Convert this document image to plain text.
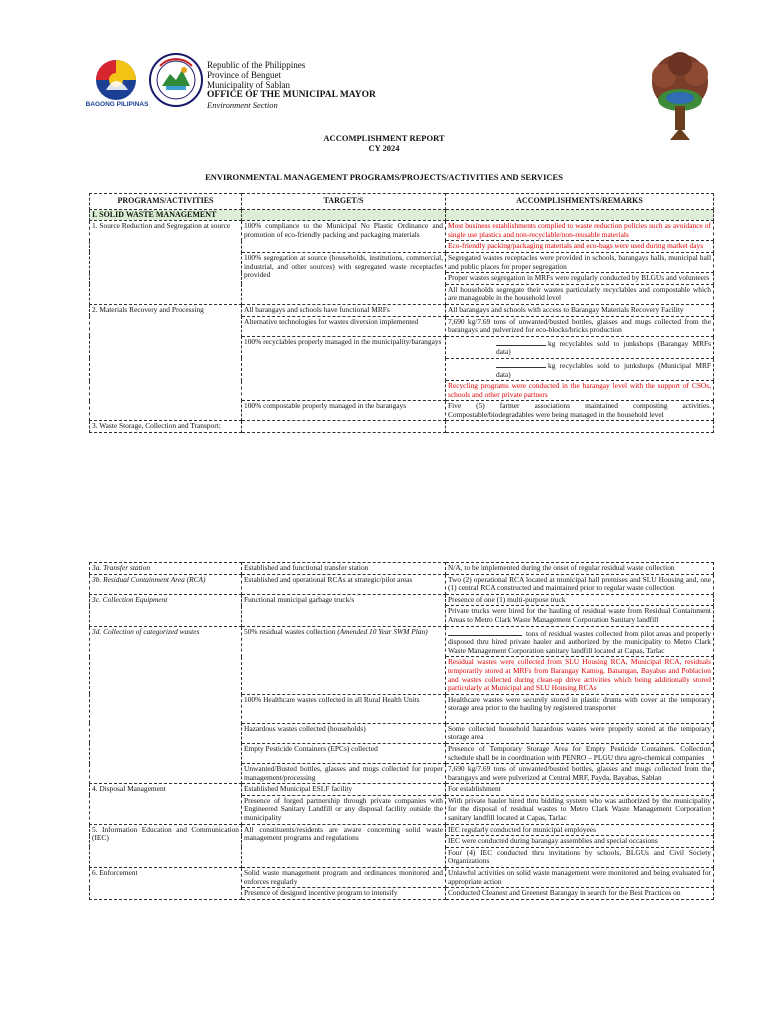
BAGONG PILIPINAS
Republic of the Philippines
Province of Benguet
Municipality of Sablan
OFFICE OF THE MUNICIPAL MAYOR
Environment Section
ACCOMPLISHMENT REPORT
CY 2024
ENVIRONMENTAL MANAGEMENT PROGRAMS/PROJECTS/ACTIVITIES AND SERVICES
PROGRAMS/ACTIVITIES	TARGET/S	ACCOMPLISHMENTS/REMARKS
I. SOLID WASTE MANAGEMENT		
1. Source Reduction and Segregation at source	100% compliance to the Municipal No Plastic Ordinance and promotion of eco-friendly packing and packaging materials	Most business establishments complied to waste reduction policies such as avoidance of single use plastics and non-recyclable/non-reusable materials
		Eco-friendly packing/packaging materials and eco-bags were used during market days
	100% segregation at source (households, institutions, commercial, industrial, and other sources) with segregated waste receptacles provided	Segregated wastes receptacles were provided in schools, barangays halls, municipal hall and public places for proper segregation
		Proper wastes segregation in MRFs were regularly conducted by BLGUs and volunteers
		All households segregate their wastes particularly recyclables and compostable which are manageable in the household level
2. Materials Recovery and Processing	All barangays and schools have functional MRFs	All barangays and schools with access to Barangay Materials Recovery Facility
	Alternative technologies for wastes diversion implemented	7,690 kg/7.69 tons of unwanted/busted bottles, glasses and mugs collected from the barangays and pulverized for eco-blocks/bricks production
	100% recyclables properly managed in the municipality/barangays	kg recyclables sold to junkshops (Barangay MRFs data)
		kg recyclables sold to junkshops (Municipal MRF data)
		Recycling programs were conducted in the barangay level with the support of CSOs, schools and other private partners
	100% compostable properly managed in the barangays	Five (5) farmer associations maintained composting activities. Compostable/biodegradables were being managed in the household level
3. Waste Storage, Collection and Transport:		
3a. Transfer station	Established and functional transfer station	N/A, to be implemented during the onset of regular residual waste collection
3b. Residual Containment Area (RCA)	Established and operational RCAs at strategic/pilot areas	Two (2) operational RCA located at municipal hall premises and SLU Housing and, one (1) central RCA constructed and maintained prior to regular waste collection
3c. Collection Equipment	Functional municipal garbage truck/s	Presence of one (1) multi-purpose truck
		Private trucks were hired for the hauling of residual waste from Residual Containment Areas to Metro Clark Waste Management Corporation Sanitary landfill
3d. Collection of categorized wastes	50% residual wastes collection (Amended 10 Year SWM Plan)	tons of residual wastes collected from pilot areas and properly disposed thru hired private hauler and authorized by the municipality to Metro Clark Waste Management Corporation sanitary landfill located at Capas, Tarlac
		Residual wastes were collected from SLU Housing RCA, Municipal RCA, residuals temporarily stored at MRFs from Barangay Kamog, Banangan, Bayabas and Poblacion and wastes collected during clean-up drive activities which being additionally stored particularly at Municipal and SLU Housing RCAs
	100% Healthcare wastes collected in all Rural Health Units	Healthcare wastes were securely stored in plastic drums with cover at the temporary storage area prior to the hauling by registered transporter
	Hazardous wastes collected (households)	Some collected household hazardous wastes were properly stored at the temporary storage area
	Empty Pesticide Containers (EPCs) collected	Presence of Temporary Storage Area for Empty Pesticide Containers. Collection schedule shall be in coordination with PENRO – PLGU thru agro-chemical companies
	Unwanted/Busted bottles, glasses and mugs collected for proper management/processing	7,690 kg/7.69 tons of unwanted/busted bottles, glasses and mugs collected from the barangays and were pulverized at Central MRF, Payda, Bayabas, Sablan
4. Disposal Management	Established Municipal ESLF facility	For establishment
	Presence of forged partnership through private companies with Engineered Sanitary Landfill or any disposal facility outside the municipality	With private hauler hired thru bidding system who was authorized by the municipality for the disposal of residual wastes to Metro Clark Waste Management Corporation sanitary landfill located at Capas, Tarlac
5. Information Education and Communication (IEC)	All constituents/residents are aware concerning solid waste management programs and regulations	IEC regularly conducted for municipal employees
		IEC were conducted during barangay assemblies and special occasions
		Four (4) IEC conducted thru invitations by schools, BLGUs and Civil Society Organizations
6. Enforcement	Solid waste management program and ordinances monitored and enforces regularly	Unlawful activities on solid waste management were monitored and being evaluated for appropriate action
	Presence of designed incentive program to intensify	Conducted Cleanest and Greenest Barangay in search for the Best Practices on
